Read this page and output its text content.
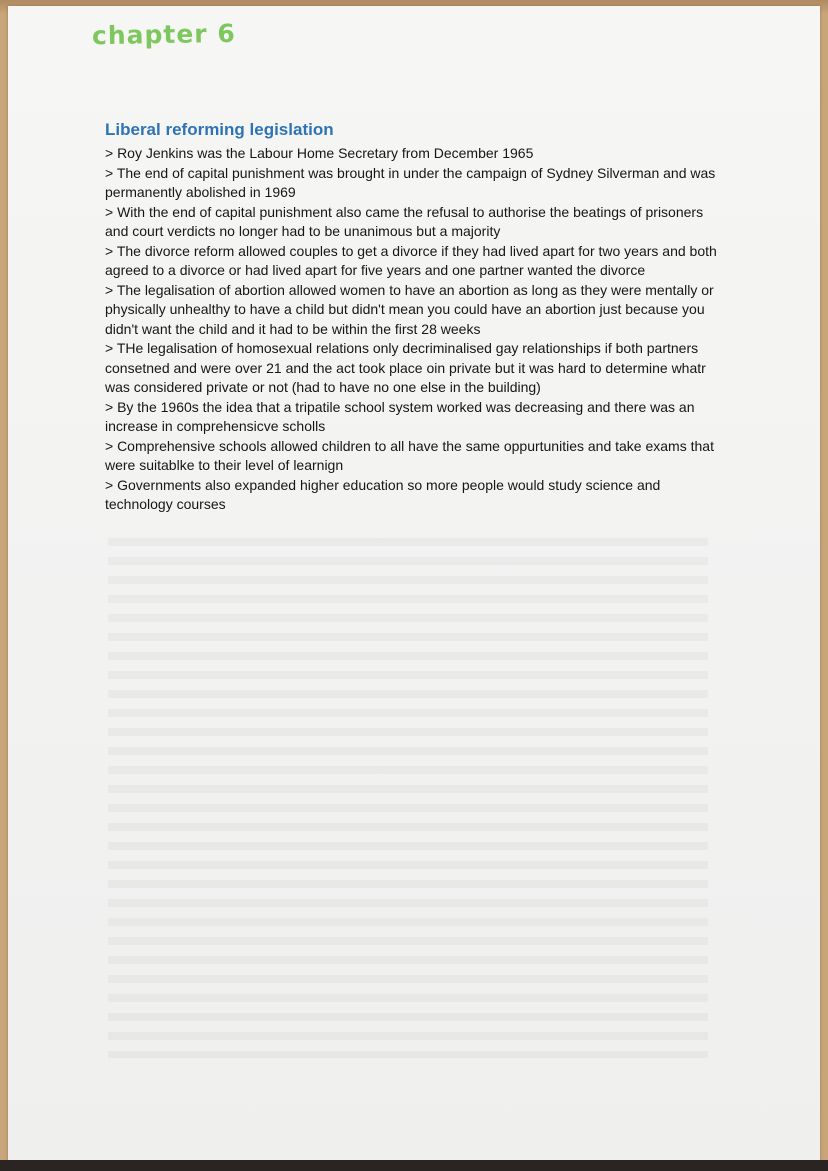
chapter 6
Liberal reforming legislation
> Roy Jenkins was the Labour Home Secretary from December 1965
> The end of capital punishment was brought in under the campaign of Sydney Silverman and was permanently abolished in 1969
> With the end of capital punishment also came the refusal to authorise the beatings of prisoners and court verdicts no longer had to be unanimous but a majority
> The divorce reform allowed couples to get a divorce if they had lived apart for two years and both agreed to a divorce or had lived apart for five years and one partner wanted the divorce
> The legalisation of abortion allowed women to have an abortion as long as they were mentally or physically unhealthy to have a child but didn't mean you could have an abortion just because you didn't want the child and it had to be within the first 28 weeks
> THe legalisation of homosexual relations only decriminalised gay relationships if both partners consetned and were over 21 and the act took place oin private but it was hard to determine whatr was considered private or not (had to have no one else in the building)
> By the 1960s the idea that a tripatile school system worked was decreasing and there was an increase in comprehensicve scholls
> Comprehensive schools allowed children to all have the same oppurtunities and take exams that were suitablke to their level of learnign
> Governments also expanded higher education so more people would study science and technology courses
